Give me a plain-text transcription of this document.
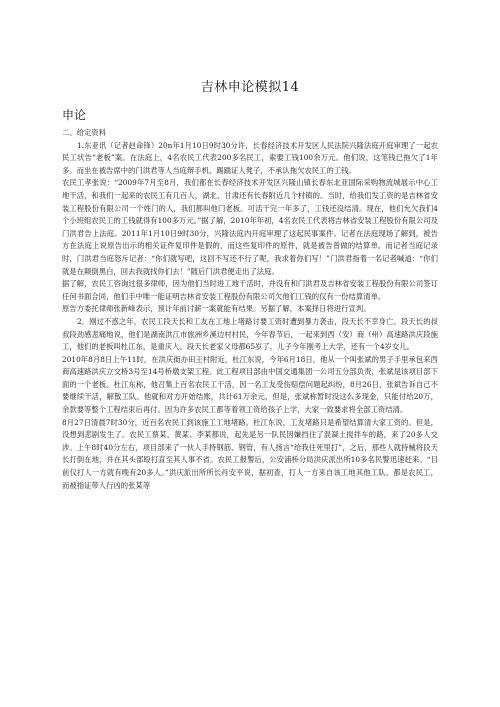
吉林申论模拟14
申论

二、给定资料

1.东亚讯（记者赵命锋）20n年1月10日9时30分许，长春经济技术开发区人民法院兴隆法庭开庭审理了一起农民工状告“老板”案。在法庭上，4名农民工代表200多名民工，索要工钱100余万元。他们说，这笔钱已拖欠了1年多。而坐在被告席中的门洪君等人当庭辩手机、踢踹证人凳子，不承认拖欠农民工的工钱。

农民工孝张说：“2009年7月至8月，我们都在长春经济技术开发区兴隆山镇长春东北亚国际采购物流城展示中心工地干活，和我们一起来的农民工有几百人，湖北、甘肃还有长春附近几个村镇的。当时，给我们发工资的是吉林省安装工程股份有限公司一个姓门的人，我们都叫他门老板。可活干完一年多了，工钱还没结清。现在，他们允欠我们4个小班组农民工的工钱就得有100多万元。”据了解，2010年年初，4名农民工代表将吉林省安装工程股份有限公司及门洪君告上法庭。2011年1月10日9时30分，兴隆法庭内开庭审理了这起民事案件。记者在法庭现场了解到，被告方在法庭上说原告出示的相关证件复印件是假的，而这些复印件的原件，就是被告曾做的结算单。而记者当庭记录时，门洪君当庭怒斥记者：“你们就写吧，这回不写还不行了呢，我求着你们写！”门洪君指着一名记者喊道：“你们就是在颠倒黑白，回去我就找你们去！”随后门洪君便走出了法庭。

据了解，农民工咨询过很多律师，因为他们当时进工地干活时，并没有和门洪君及吉林省安装工程股份有限公司签订任何书面合同，他们手中唯一能证明吉林省安装工程股份有限公司欠他们工钱的仅有一份结算清单。

原告方委托律师张新峰表示，预计年前讨薪一案就能有结果。另据了解，本案择日将进行宣判。

2．刚过不惑之年，农民工段天长和工友在工地上堵路讨要工资时遭到暴力袭击，段天长不幸身亡。段天长的叔叔段劲感悲痛地说，他们是湖南洪江市旅洲乡溪边村村民，今年春节后，一起来到西（安）商（州）高速路洪庆段施工，他们的老板叫杜江东，是重庆人。段天长老家父母都65岁了，儿子今年刚考上大学，还有一个4岁女儿。

2010年8月8日上午11时，在洪庆街办田王村附近，杜江东说，今年6月18日，他从一个叫张斌的男子手里承包来西商高速路洪庆立交桥3号至14号桥墩支架工程。此工程项目部由中国交通集团一公司五分部负责，张斌是该项目部下面的一个老板。杜江东称，他召集上百名农民工干活，因一名工友受伤赔偿问题起纠纷，8月26日，张斌告诉自己不要继续干活，解散工队。他就和对方开始结账，共计61万余元，但是，张斌称暂时没这么多现金，只能付给20万，余款要等整个工程结束后再付。因为许多农民工都等着领工资给孩子上学，大家一致要求将全部工资结清。

8月27日清晨7时30分，近百名农民工到该施工工地堵路。杜江东说，工友堵路只是希望结算清大家工资的。但是，没想到悲剧发生了。农民工蔡某、黄某、李某都说，起先是另一队民因嫌挡住了混凝土搅拌车的路，来了20多人交涉。上午8时40分左右，项目部来了一伙人手持钢筋、钢管，有人扬言“给我往死里打”，之后，那些人就持械将段天长打倒在地，并在其头部殴打直至其人事不省。农民工报警后，公安浦桥分局洪庆派出所10多名民警迅速赶来。“目前仅打人一方就有晚有20多人。”洪庆派出所所长肖安平说，据初查，打人一方来自该工地其他工队，都是农民工，而被指证带人行凶的张某等
